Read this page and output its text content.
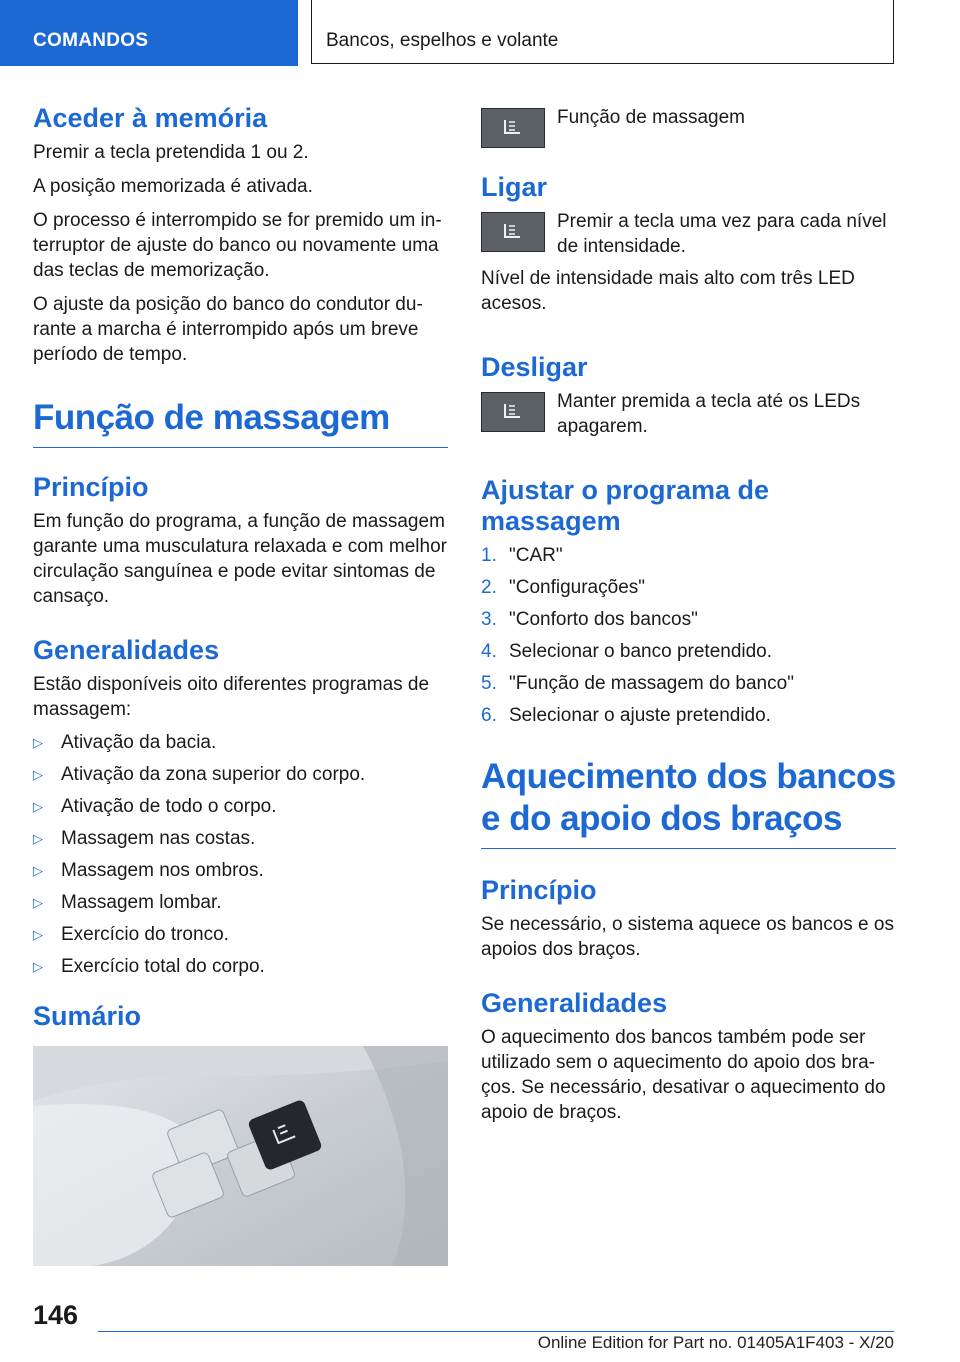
COMANDOS	Bancos, espelhos e volante
Aceder à memória

Premir a tecla pretendida 1 ou 2.

A posição memorizada é ativada.

O processo é interrompido se for premido um interruptor de ajuste do banco ou novamente uma das teclas de memorização.

O ajuste da posição do banco do condutor durante a marcha é interrompido após um breve período de tempo.

Função de massagem
Princípio

Em função do programa, a função de massagem garante uma musculatura relaxada e com melhor circulação sanguínea e pode evitar sintomas de cansaço.

Generalidades

Estão disponíveis oito diferentes programas de massagem:

▷ Ativação da bacia.
▷ Ativação da zona superior do corpo.
▷ Ativação de todo o corpo.
▷ Massagem nas costas.
▷ Massagem nos ombros.
▷ Massagem lombar.
▷ Exercício do tronco.
▷ Exercício total do corpo.
Sumário

Função de massagem

Ligar

Premir a tecla uma vez para cada nível de intensidade.

Nível de intensidade mais alto com três LED acesos.

Desligar

Manter premida a tecla até os LEDs apagarem.

Ajustar o programa de massagem
1. "CAR"
2. "Configurações"
3. "Conforto dos bancos"
4. Selecionar o banco pretendido.
5. "Função de massagem do banco"
6. Selecionar o ajuste pretendido.
Aquecimento dos bancos e do apoio dos braços
Princípio

Se necessário, o sistema aquece os bancos e os apoios dos braços.

Generalidades

O aquecimento dos bancos também pode ser utilizado sem o aquecimento do apoio dos braços. Se necessário, desativar o aquecimento do apoio de braços.

146
Online Edition for Part no. 01405A1F403 - X/20
